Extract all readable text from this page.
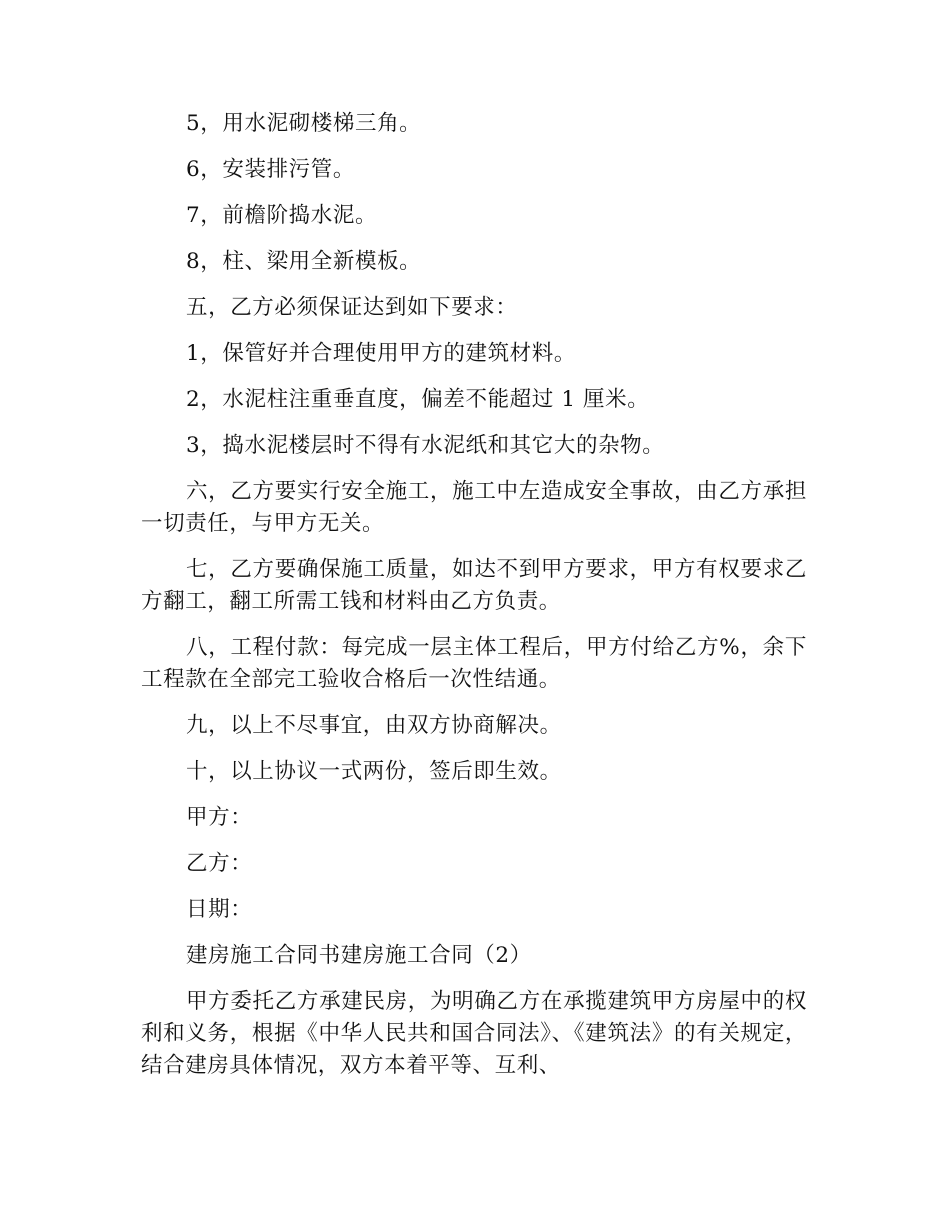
5，用水泥砌楼梯三角。

6，安装排污管。

7，前檐阶捣水泥。

8，柱、梁用全新模板。

五，乙方必须保证达到如下要求：

1，保管好并合理使用甲方的建筑材料。

2，水泥柱注重垂直度，偏差不能超过 1 厘米。

3，捣水泥楼层时不得有水泥纸和其它大的杂物。

六，乙方要实行安全施工，施工中左造成安全事故，由乙方承担一切责任，与甲方无关。

七，乙方要确保施工质量，如达不到甲方要求，甲方有权要求乙方翻工，翻工所需工钱和材料由乙方负责。

八，工程付款：每完成一层主体工程后，甲方付给乙方%，余下工程款在全部完工验收合格后一次性结通。

九，以上不尽事宜，由双方协商解决。

十，以上协议一式两份，签后即生效。

甲方：

乙方：

日期：

建房施工合同书建房施工合同（2）

甲方委托乙方承建民房，为明确乙方在承揽建筑甲方房屋中的权利和义务，根据《中华人民共和国合同法》、《建筑法》的有关规定，结合建房具体情况，双方本着平等、互利、
